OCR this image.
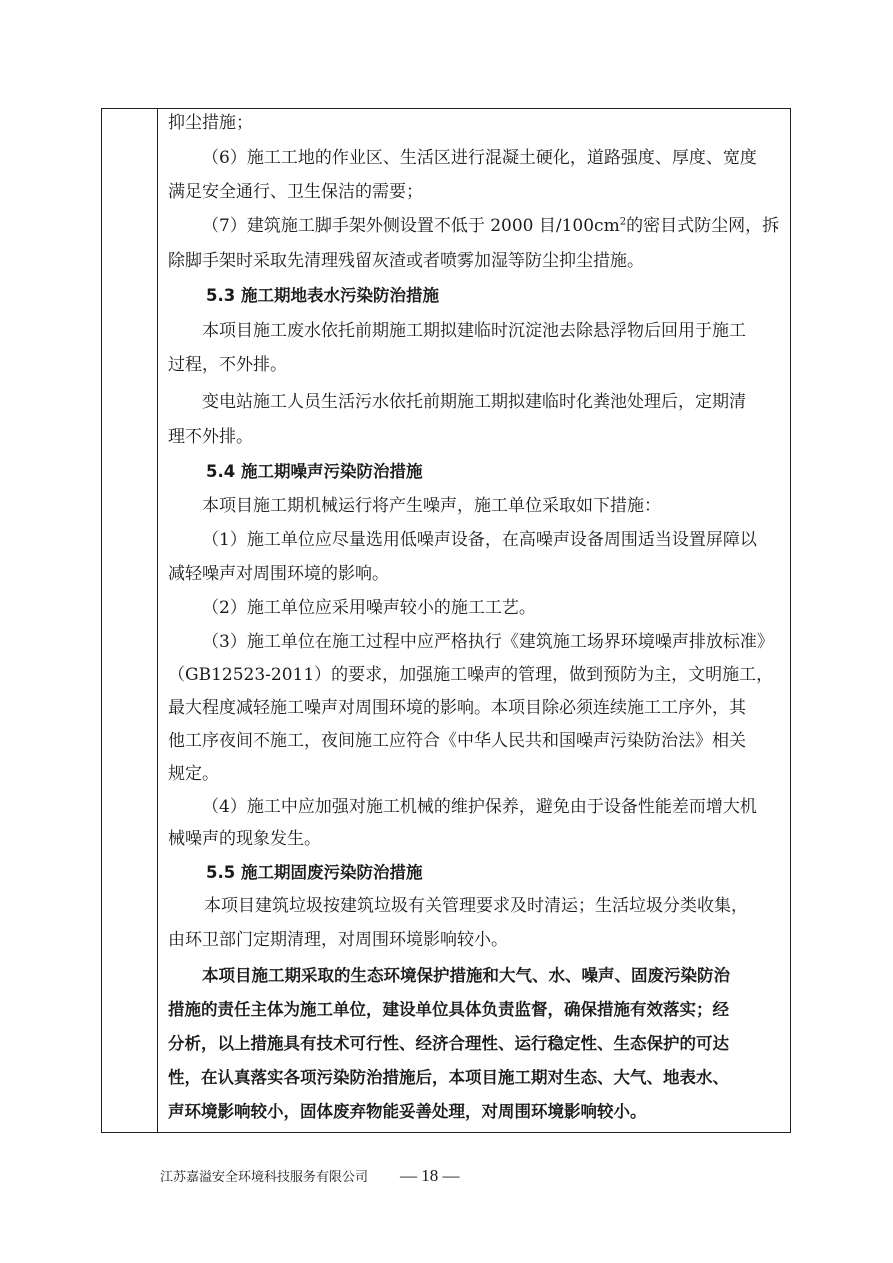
抑尘措施；
（6）施工工地的作业区、生活区进行混凝土硬化，道路强度、厚度、宽度
满足安全通行、卫生保洁的需要；
（7）建筑施工脚手架外侧设置不低于 2000 目$/100cm^2$的密目式防尘网，拆
除脚手架时采取先清理残留灰渣或者喷雾加湿等防尘抑尘措施。
5.3 施工期地表水污染防治措施
本项目施工废水依托前期施工期拟建临时沉淀池去除悬浮物后回用于施工
过程，不外排。
变电站施工人员生活污水依托前期施工期拟建临时化粪池处理后，定期清
理不外排。
5.4 施工期噪声污染防治措施
本项目施工期机械运行将产生噪声，施工单位采取如下措施：
（1）施工单位应尽量选用低噪声设备，在高噪声设备周围适当设置屏障以
减轻噪声对周围环境的影响。
（2）施工单位应采用噪声较小的施工工艺。
（3）施工单位在施工过程中应严格执行《建筑施工场界环境噪声排放标准》
（GB12523-2011）的要求，加强施工噪声的管理，做到预防为主，文明施工，
最大程度减轻施工噪声对周围环境的影响。本项目除必须连续施工工序外，其
他工序夜间不施工，夜间施工应符合《中华人民共和国噪声污染防治法》相关
规定。
（4）施工中应加强对施工机械的维护保养，避免由于设备性能差而增大机
械噪声的现象发生。
5.5 施工期固废污染防治措施
本项目建筑垃圾按建筑垃圾有关管理要求及时清运；生活垃圾分类收集，
由环卫部门定期清理，对周围环境影响较小。
本项目施工期采取的生态环境保护措施和大气、水、噪声、固废污染防治
措施的责任主体为施工单位，建设单位具体负责监督，确保措施有效落实；经
分析，以上措施具有技术可行性、经济合理性、运行稳定性、生态保护的可达
性，在认真落实各项污染防治措施后，本项目施工期对生态、大气、地表水、
声环境影响较小，固体废弃物能妥善处理，对周围环境影响较小。
江苏嘉溢安全环境科技服务有限公司 — 18 —
